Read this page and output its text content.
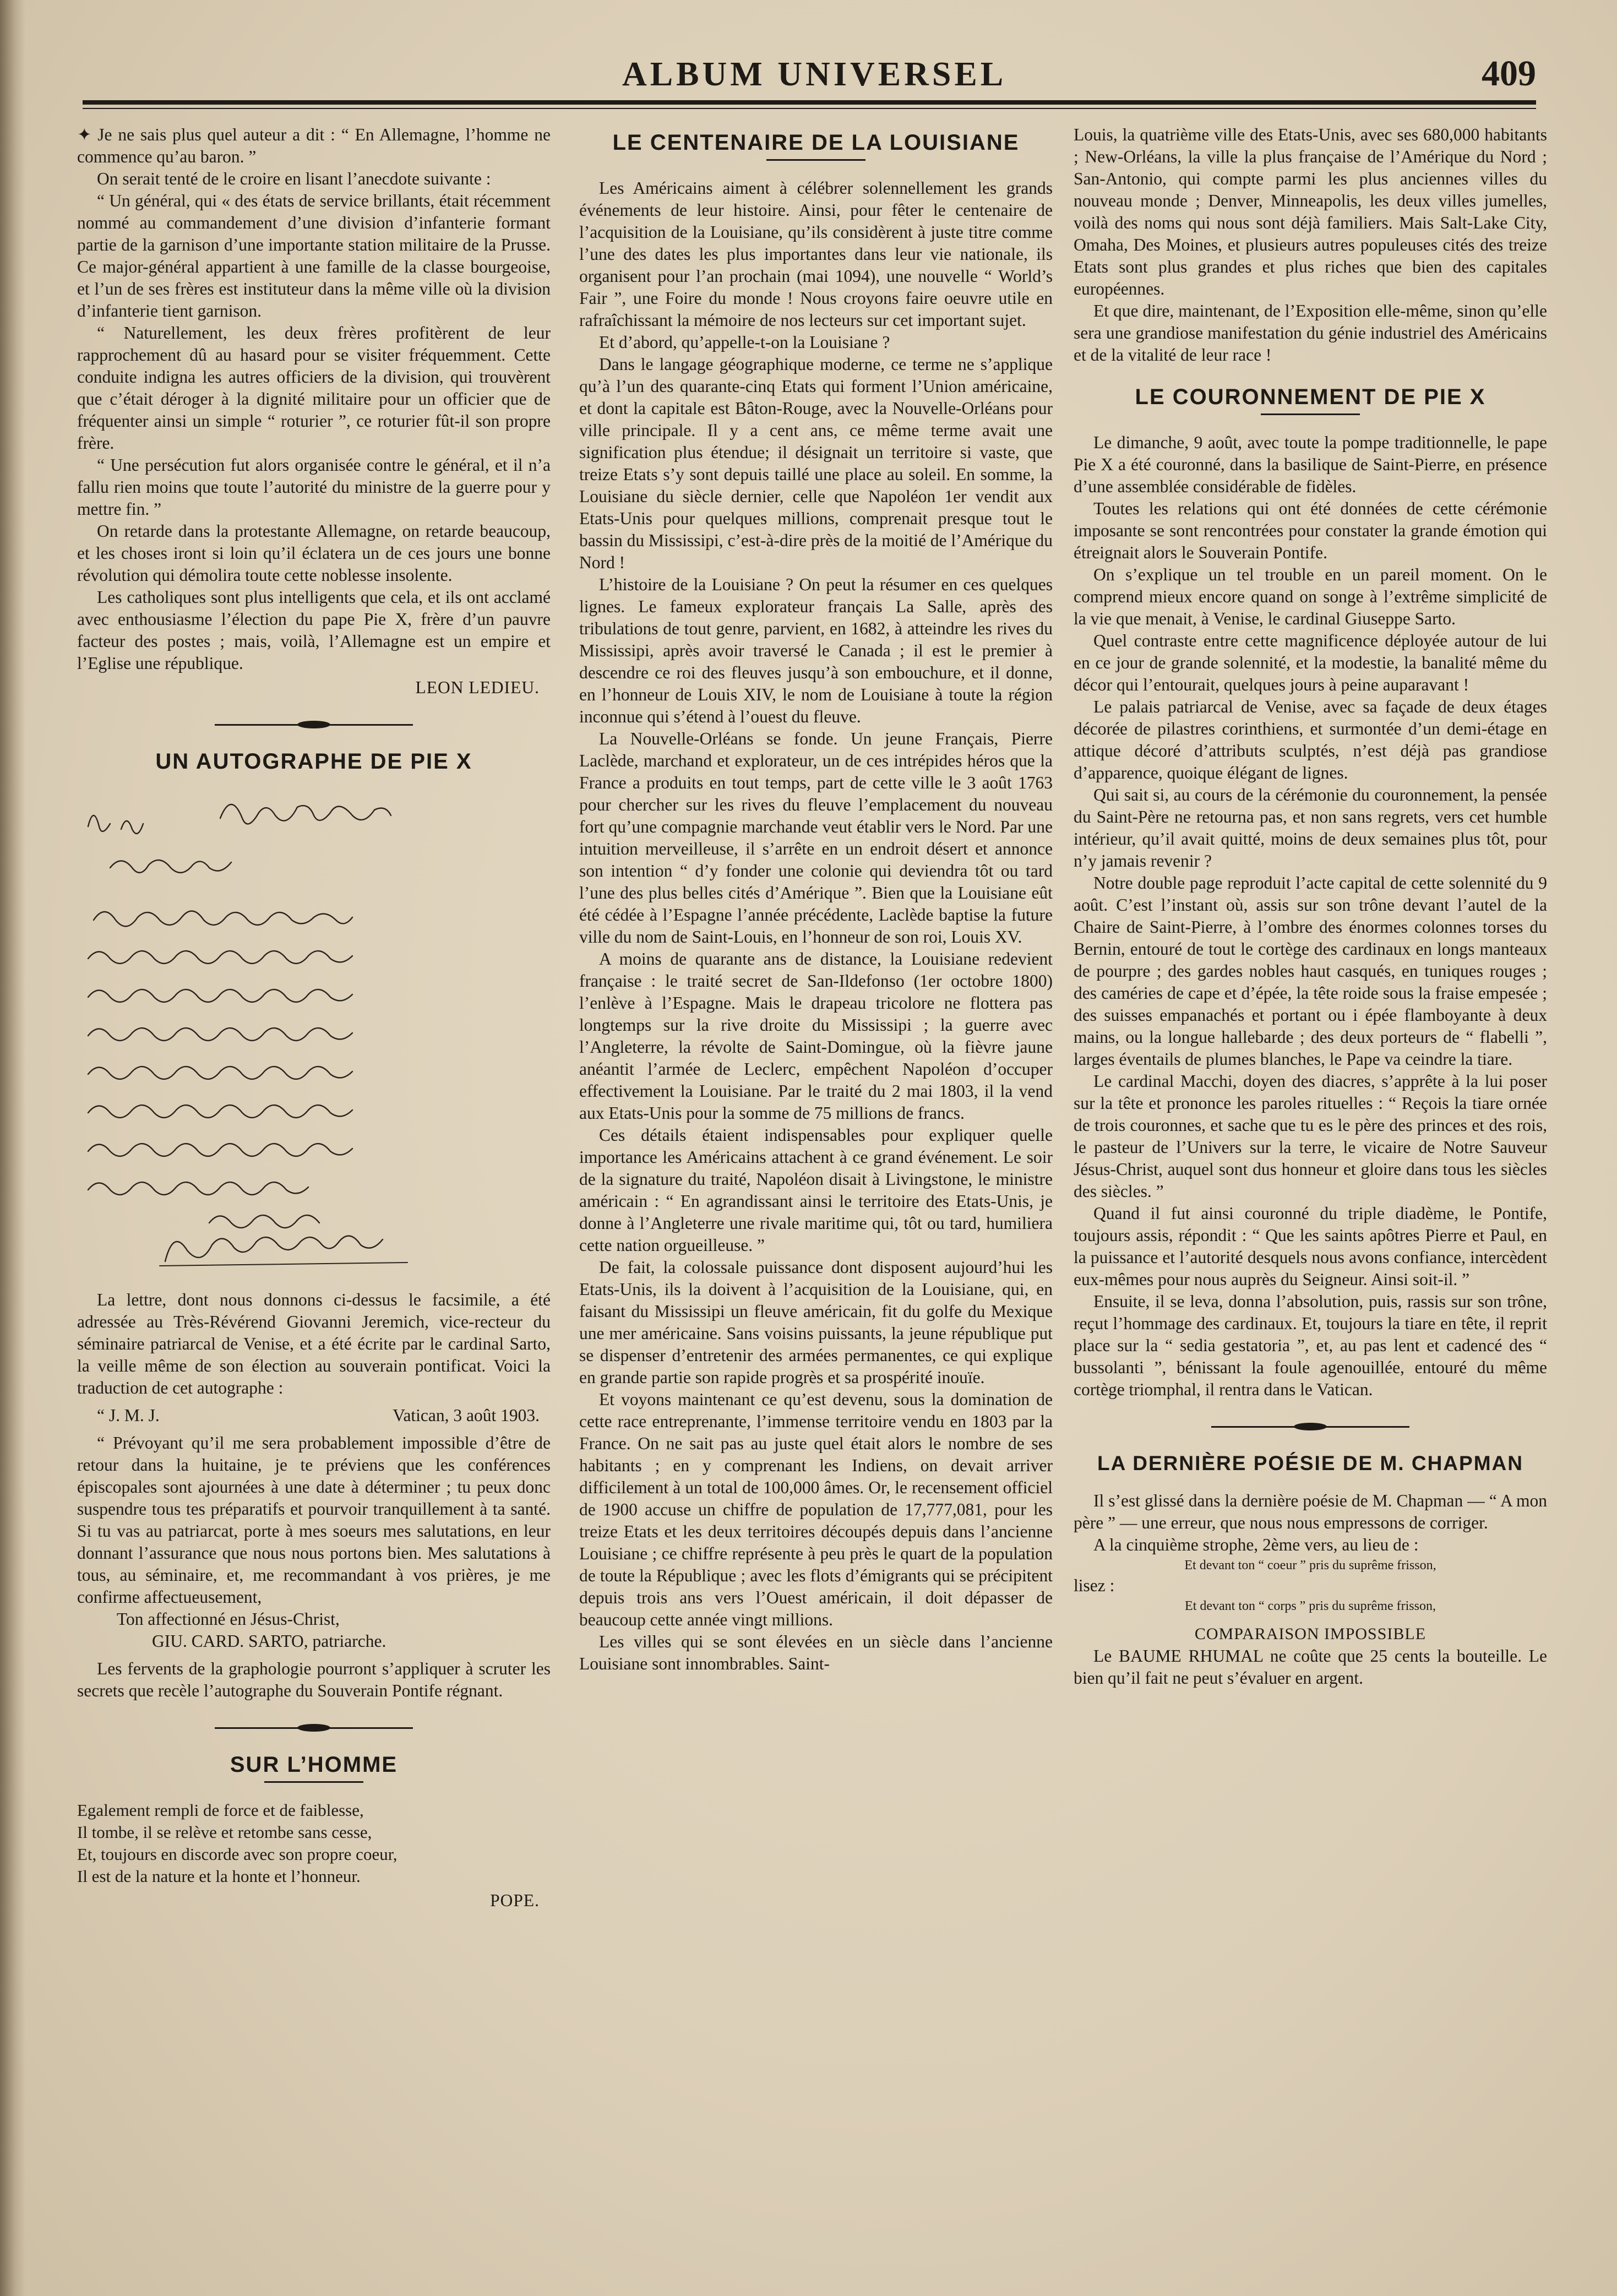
ALBUM UNIVERSEL	409

✦ Je ne sais plus quel auteur a dit : “ En Allemagne, l’homme ne commence qu’au baron. ”

On serait tenté de le croire en lisant l’anecdote suivante :

“ Un général, qui « des états de service brillants, était récemment nommé au commandement d’une division d’infanterie formant partie de la garnison d’une importante station militaire de la Prusse. Ce major-général appartient à une famille de la classe bourgeoise, et l’un de ses frères est instituteur dans la même ville où la division d’infanterie tient garnison.

“ Naturellement, les deux frères profitèrent de leur rapprochement dû au hasard pour se visiter fréquemment. Cette conduite indigna les autres officiers de la division, qui trouvèrent que c’était déroger à la dignité militaire pour un officier que de fréquenter ainsi un simple “ roturier ”, ce roturier fût-il son propre frère.

“ Une persécution fut alors organisée contre le général, et il n’a fallu rien moins que toute l’autorité du ministre de la guerre pour y mettre fin. ”

On retarde dans la protestante Allemagne, on retarde beaucoup, et les choses iront si loin qu’il éclatera un de ces jours une bonne révolution qui démolira toute cette noblesse insolente.

Les catholiques sont plus intelligents que cela, et ils ont acclamé avec enthousiasme l’élection du pape Pie X, frère d’un pauvre facteur des postes ; mais, voilà, l’Allemagne est un empire et l’Eglise une république.

LEON LEDIEU.
UN AUTOGRAPHE DE PIE X

La lettre, dont nous donnons ci-dessus le facsimile, a été adressée au Très-Révérend Giovanni Jeremich, vice-recteur du séminaire patriarcal de Venise, et a été écrite par le cardinal Sarto, la veille même de son élection au souverain pontificat. Voici la traduction de cet autographe :

“ J. M. J.	Vatican, 3 août 1903.

“ Prévoyant qu’il me sera probablement impossible d’être de retour dans la huitaine, je te préviens que les conférences épiscopales sont ajournées à une date à déterminer ; tu peux donc suspendre tous tes préparatifs et pourvoir tranquillement à ta santé. Si tu vas au patriarcat, porte à mes soeurs mes salutations, en leur donnant l’assurance que nous nous portons bien. Mes salutations à tous, au séminaire, et, me recommandant à vos prières, je me confirme affectueusement,

Ton affectionné en Jésus-Christ,

GIU. CARD. SARTO, patriarche.

Les fervents de la graphologie pourront s’appliquer à scruter les secrets que recèle l’autographe du Souverain Pontife régnant.

SUR L’HOMME
Egalement rempli de force et de faiblesse,
Il tombe, il se relève et retombe sans cesse,
Et, toujours en discorde avec son propre coeur,
Il est de la nature et la honte et l’honneur.
POPE.
LE CENTENAIRE DE LA LOUISIANE

Les Américains aiment à célébrer solennellement les grands événements de leur histoire. Ainsi, pour fêter le centenaire de l’acquisition de la Louisiane, qu’ils considèrent à juste titre comme l’une des dates les plus importantes dans leur vie nationale, ils organisent pour l’an prochain (mai 1094), une nouvelle “ World’s Fair ”, une Foire du monde ! Nous croyons faire oeuvre utile en rafraîchissant la mémoire de nos lecteurs sur cet important sujet.

Et d’abord, qu’appelle-t-on la Louisiane ?

Dans le langage géographique moderne, ce terme ne s’applique qu’à l’un des quarante-cinq Etats qui forment l’Union américaine, et dont la capitale est Bâton-Rouge, avec la Nouvelle-Orléans pour ville principale. Il y a cent ans, ce même terme avait une signification plus étendue; il désignait un territoire si vaste, que treize Etats s’y sont depuis taillé une place au soleil. En somme, la Louisiane du siècle dernier, celle que Napoléon 1er vendit aux Etats-Unis pour quelques millions, comprenait presque tout le bassin du Mississipi, c’est-à-dire près de la moitié de l’Amérique du Nord !

L’histoire de la Louisiane ? On peut la résumer en ces quelques lignes. Le fameux explorateur français La Salle, après des tribulations de tout genre, parvient, en 1682, à atteindre les rives du Mississipi, après avoir traversé le Canada ; il est le premier à descendre ce roi des fleuves jusqu’à son embouchure, et il donne, en l’honneur de Louis XIV, le nom de Louisiane à toute la région inconnue qui s’étend à l’ouest du fleuve.

La Nouvelle-Orléans se fonde. Un jeune Français, Pierre Laclède, marchand et explorateur, un de ces intrépides héros que la France a produits en tout temps, part de cette ville le 3 août 1763 pour chercher sur les rives du fleuve l’emplacement du nouveau fort qu’une compagnie marchande veut établir vers le Nord. Par une intuition merveilleuse, il s’arrête en un endroit désert et annonce son intention “ d’y fonder une colonie qui deviendra tôt ou tard l’une des plus belles cités d’Amérique ”. Bien que la Louisiane eût été cédée à l’Espagne l’année précédente, Laclède baptise la future ville du nom de Saint-Louis, en l’honneur de son roi, Louis XV.

A moins de quarante ans de distance, la Louisiane redevient française : le traité secret de San-Ildefonso (1er octobre 1800) l’enlève à l’Espagne. Mais le drapeau tricolore ne flottera pas longtemps sur la rive droite du Mississipi ; la guerre avec l’Angleterre, la révolte de Saint-Domingue, où la fièvre jaune anéantit l’armée de Leclerc, empêchent Napoléon d’occuper effectivement la Louisiane. Par le traité du 2 mai 1803, il la vend aux Etats-Unis pour la somme de 75 millions de francs.

Ces détails étaient indispensables pour expliquer quelle importance les Américains attachent à ce grand événement. Le soir de la signature du traité, Napoléon disait à Livingstone, le ministre américain : “ En agrandissant ainsi le territoire des Etats-Unis, je donne à l’Angleterre une rivale maritime qui, tôt ou tard, humiliera cette nation orgueilleuse. ”

De fait, la colossale puissance dont disposent aujourd’hui les Etats-Unis, ils la doivent à l’acquisition de la Louisiane, qui, en faisant du Mississipi un fleuve américain, fit du golfe du Mexique une mer américaine. Sans voisins puissants, la jeune république put se dispenser d’entretenir des armées permanentes, ce qui explique en grande partie son rapide progrès et sa prospérité inouïe.

Et voyons maintenant ce qu’est devenu, sous la domination de cette race entreprenante, l’immense territoire vendu en 1803 par la France. On ne sait pas au juste quel était alors le nombre de ses habitants ; en y comprenant les Indiens, on devait arriver difficilement à un total de 100,000 âmes. Or, le recensement officiel de 1900 accuse un chiffre de population de 17,777,081, pour les treize Etats et les deux territoires découpés depuis dans l’ancienne Louisiane ; ce chiffre représente à peu près le quart de la population de toute la République ; avec les flots d’émigrants qui se précipitent depuis trois ans vers l’Ouest américain, il doit dépasser de beaucoup cette année vingt millions.

Les villes qui se sont élevées en un siècle dans l’ancienne Louisiane sont innombrables. Saint-

Louis, la quatrième ville des Etats-Unis, avec ses 680,000 habitants ; New-Orléans, la ville la plus française de l’Amérique du Nord ; San-Antonio, qui compte parmi les plus anciennes villes du nouveau monde ; Denver, Minneapolis, les deux villes jumelles, voilà des noms qui nous sont déjà familiers. Mais Salt-Lake City, Omaha, Des Moines, et plusieurs autres populeuses cités des treize Etats sont plus grandes et plus riches que bien des capitales européennes.

Et que dire, maintenant, de l’Exposition elle-même, sinon qu’elle sera une grandiose manifestation du génie industriel des Américains et de la vitalité de leur race !

LE COURONNEMENT DE PIE X

Le dimanche, 9 août, avec toute la pompe traditionnelle, le pape Pie X a été couronné, dans la basilique de Saint-Pierre, en présence d’une assemblée considérable de fidèles.

Toutes les relations qui ont été données de cette cérémonie imposante se sont rencontrées pour constater la grande émotion qui étreignait alors le Souverain Pontife.

On s’explique un tel trouble en un pareil moment. On le comprend mieux encore quand on songe à l’extrême simplicité de la vie que menait, à Venise, le cardinal Giuseppe Sarto.

Quel contraste entre cette magnificence déployée autour de lui en ce jour de grande solennité, et la modestie, la banalité même du décor qui l’entourait, quelques jours à peine auparavant !

Le palais patriarcal de Venise, avec sa façade de deux étages décorée de pilastres corinthiens, et surmontée d’un demi-étage en attique décoré d’attributs sculptés, n’est déjà pas grandiose d’apparence, quoique élégant de lignes.

Qui sait si, au cours de la cérémonie du couronnement, la pensée du Saint-Père ne retourna pas, et non sans regrets, vers cet humble intérieur, qu’il avait quitté, moins de deux semaines plus tôt, pour n’y jamais revenir ?

Notre double page reproduit l’acte capital de cette solennité du 9 août. C’est l’instant où, assis sur son trône devant l’autel de la Chaire de Saint-Pierre, à l’ombre des énormes colonnes torses du Bernin, entouré de tout le cortège des cardinaux en longs manteaux de pourpre ; des gardes nobles haut casqués, en tuniques rouges ; des caméries de cape et d’épée, la tête roide sous la fraise empesée ; des suisses empanachés et portant ou i épée flamboyante à deux mains, ou la longue hallebarde ; des deux porteurs de “ flabelli ”, larges éventails de plumes blanches, le Pape va ceindre la tiare.

Le cardinal Macchi, doyen des diacres, s’apprête à la lui poser sur la tête et prononce les paroles rituelles : “ Reçois la tiare ornée de trois couronnes, et sache que tu es le père des princes et des rois, le pasteur de l’Univers sur la terre, le vicaire de Notre Sauveur Jésus-Christ, auquel sont dus honneur et gloire dans tous les siècles des siècles. ”

Quand il fut ainsi couronné du triple diadème, le Pontife, toujours assis, répondit : “ Que les saints apôtres Pierre et Paul, en la puissance et l’autorité desquels nous avons confiance, intercèdent eux-mêmes pour nous auprès du Seigneur. Ainsi soit-il. ”

Ensuite, il se leva, donna l’absolution, puis, rassis sur son trône, reçut l’hommage des cardinaux. Et, toujours la tiare en tête, il reprit place sur la “ sedia gestatoria ”, et, au pas lent et cadencé des “ bussolanti ”, bénissant la foule agenouillée, entouré du même cortège triomphal, il rentra dans le Vatican.

LA DERNIÈRE POÉSIE DE M. CHAPMAN

Il s’est glissé dans la dernière poésie de M. Chapman — “ A mon père ” — une erreur, que nous nous empressons de corriger.

A la cinquième strophe, 2ème vers, au lieu de :

Et devant ton “ coeur ” pris du suprême frisson,
lisez :
Et devant ton “ corps ” pris du suprême frisson,
COMPARAISON IMPOSSIBLE

Le BAUME RHUMAL ne coûte que 25 cents la bouteille. Le bien qu’il fait ne peut s’évaluer en argent.
